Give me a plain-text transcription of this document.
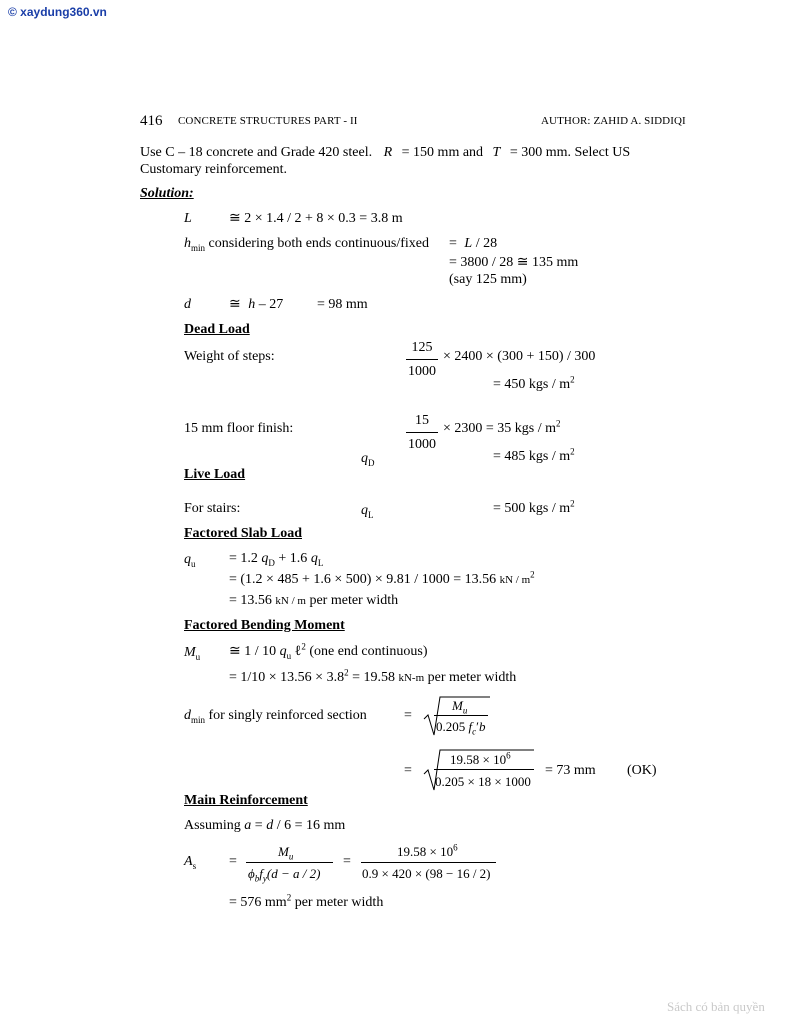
© xaydung360.vn
416 CONCRETE STRUCTURES PART - II	AUTHOR: ZAHID A. SIDDIQI
Use C – 18 concrete and Grade 420 steel. R = 150 mm and T = 300 mm. Select US
Customary reinforcement.
Solution:
L	≅ 2 × 1.4 / 2 + 8 × 0.3 = 3.8 m
$h_{min}$ considering both ends continuous/fixed = L / 28
= 3800 / 28 ≅ 135 mm
(say 125 mm)
d	≅ h – 27 = 98 mm
Dead Load
Weight of steps:
125
1000
× 2400 × (300 + 150) / 300
= 450 kgs / $m^2$
15 mm floor finish:
15
1000
× 2300 = 35 kgs / $m^2$
$q_D$	= 485 kgs / $m^2$
Live Load
For stairs:	$q_L$	= 500 kgs / $m^2$
Factored Slab Load
$q_u = 1.2$ $q_D + 1.6$ $q_L$
= (1.2 × 485 + 1.6 × 500) × 9.81 / 1000 = 13.56 kN / $m^2$
= 13.56 kN / m per meter width
Factored Bending Moment
$M_u$ ≅ 1 / 10 $q_u$ ℓ$^2$ (one end continuous)
= $1/10 \times 13.56 \times 3.8^2 = 19.58$ kN-m per meter width
$d_{min}$ for singly reinforced section	=
$M_u$
0.205 $f_c'b$
=
$19.58 \times 10^6$
0.205 × 18 × 1000
= 73 mm (OK)
Main Reinforcement
Assuming a = d / 6 = 16 mm
$A_s$ =
$M_u$
$\phi_bf_y(d - a / 2)$
=
$19.58 \times 10^6$
0.9 × 420 × (98 − 16 / 2)
= 576 $mm^2$ per meter width
Sách có bản quyền
